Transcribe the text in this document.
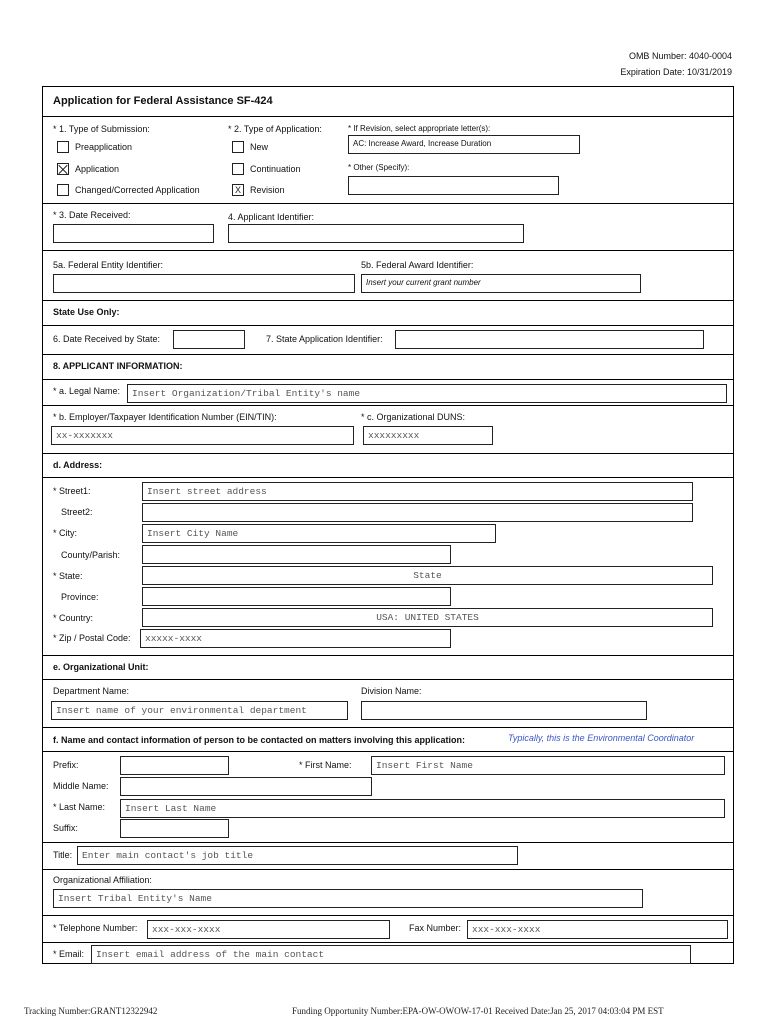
OMB Number: 4040-0004
Expiration Date: 10/31/2019
Application for Federal Assistance SF-424
* 1. Type of Submission:
Preapplication
Application
Changed/Corrected Application
* 2. Type of Application:
New
Continuation
X	Revision
* If Revision, select appropriate letter(s):
AC: Increase Award, Increase Duration
* Other (Specify):
* 3. Date Received:	4. Applicant Identifier:
5a. Federal Entity Identifier:	5b. Federal Award Identifier:
Insert your current grant number
State Use Only:
6. Date Received by State:	7. State Application Identifier:
8. APPLICANT INFORMATION:
* a. Legal Name:	Insert Organization/Tribal Entity's name
* b. Employer/Taxpayer Identification Number (EIN/TIN):
xx-xxxxxxx
* c. Organizational DUNS:
xxxxxxxxx
d. Address:
* Street1:	Insert street address
Street2:
* City:	Insert City Name
County/Parish:
* State:	State
Province:
* Country:	USA: UNITED STATES
* Zip / Postal Code:	xxxxx-xxxx
e. Organizational Unit:
Department Name:
Insert name of your environmental department
Division Name:
f. Name and contact information of person to be contacted on matters involving this application:	Typically, this is the Environmental Coordinator
Prefix:	* First Name:	Insert First Name
Middle Name:
* Last Name:	Insert Last Name
Suffix:
Title:	Enter main contact's job title
Organizational Affiliation:
Insert Tribal Entity's Name
* Telephone Number:	xxx-xxx-xxxx	Fax Number:	xxx-xxx-xxxx
* Email:	Insert email address of the main contact
Tracking Number:GRANT12322942	Funding Opportunity Number:EPA-OW-OWOW-17-01 Received Date:Jan 25, 2017 04:03:04 PM EST
